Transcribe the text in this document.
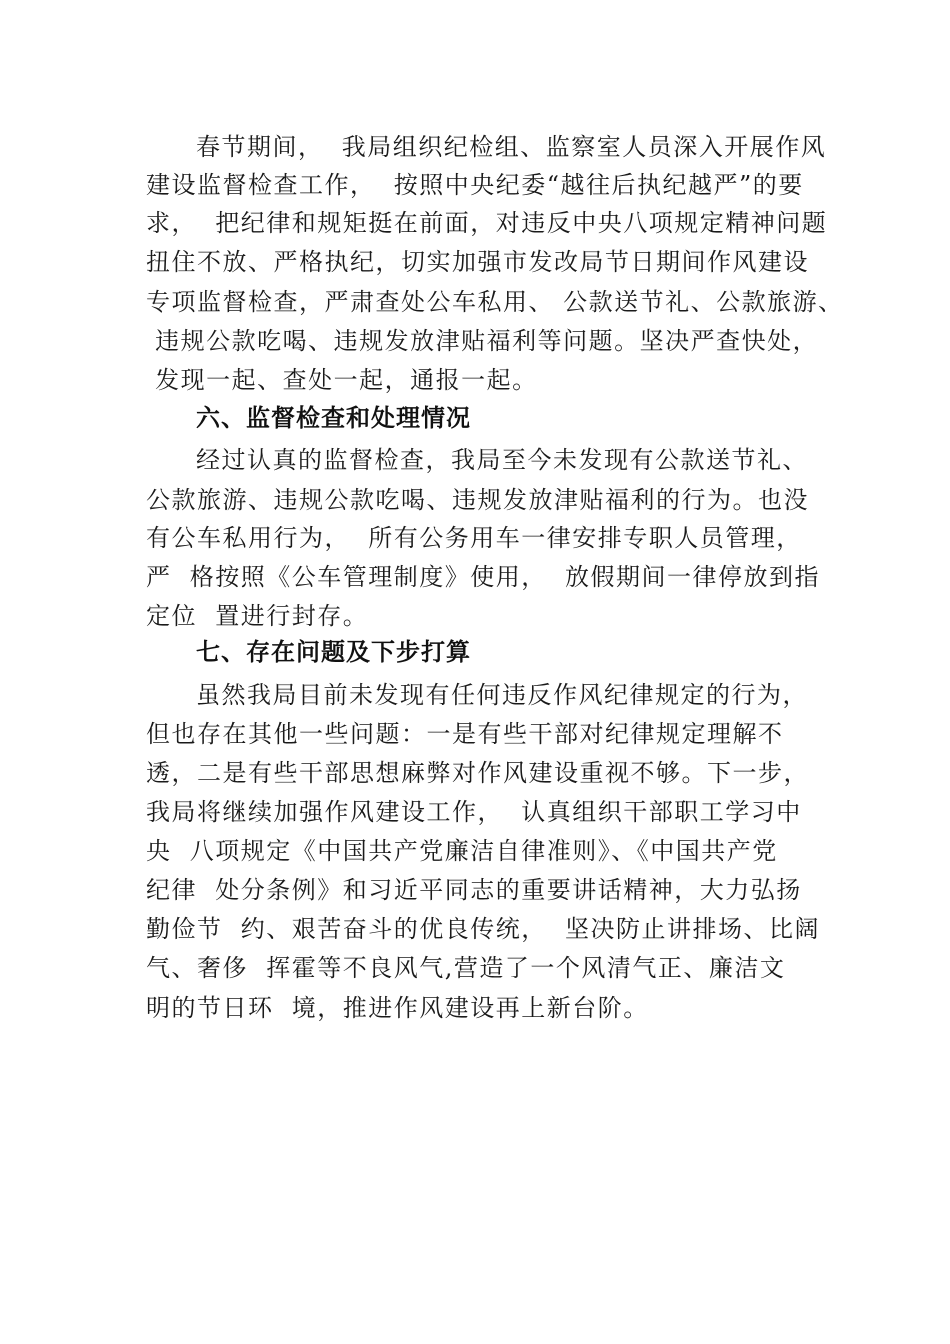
春节期间，  我局组织纪检组、监察室人员深入开展作风
建设监督检查工作，  按照中央纪委“越往后执纪越严”的要
求，  把纪律和规矩挺在前面，对违反中央八项规定精神问题
扭住不放、严格执纪，切实加强市发改局节日期间作风建设
专项监督检查，严肃查处公车私用、 公款送节礼、公款旅游、
违规公款吃喝、违规发放津贴福利等问题。坚决严查快处，
发现一起、查处一起，通报一起。
六、监督检查和处理情况
经过认真的监督检查，我局至今未发现有公款送节礼、
公款旅游、违规公款吃喝、违规发放津贴福利的行为。也没
有公车私用行为，  所有公务用车一律安排专职人员管理，
严  格按照《公车管理制度》使用，  放假期间一律停放到指
定位  置进行封存。
七、存在问题及下步打算
虽然我局目前未发现有任何违反作风纪律规定的行为，
但也存在其他一些问题：一是有些干部对纪律规定理解不
透，二是有些干部思想麻弊对作风建设重视不够。下一步，
我局将继续加强作风建设工作，  认真组织干部职工学习中
央  八项规定《中国共产党廉洁自律准则》、《中国共产党
纪律  处分条例》和习近平同志的重要讲话精神，大力弘扬
勤俭节  约、艰苦奋斗的优良传统，  坚决防止讲排场、比阔
气、奢侈  挥霍等不良风气,营造了一个风清气正、廉洁文
明的节日环  境，推进作风建设再上新台阶。
